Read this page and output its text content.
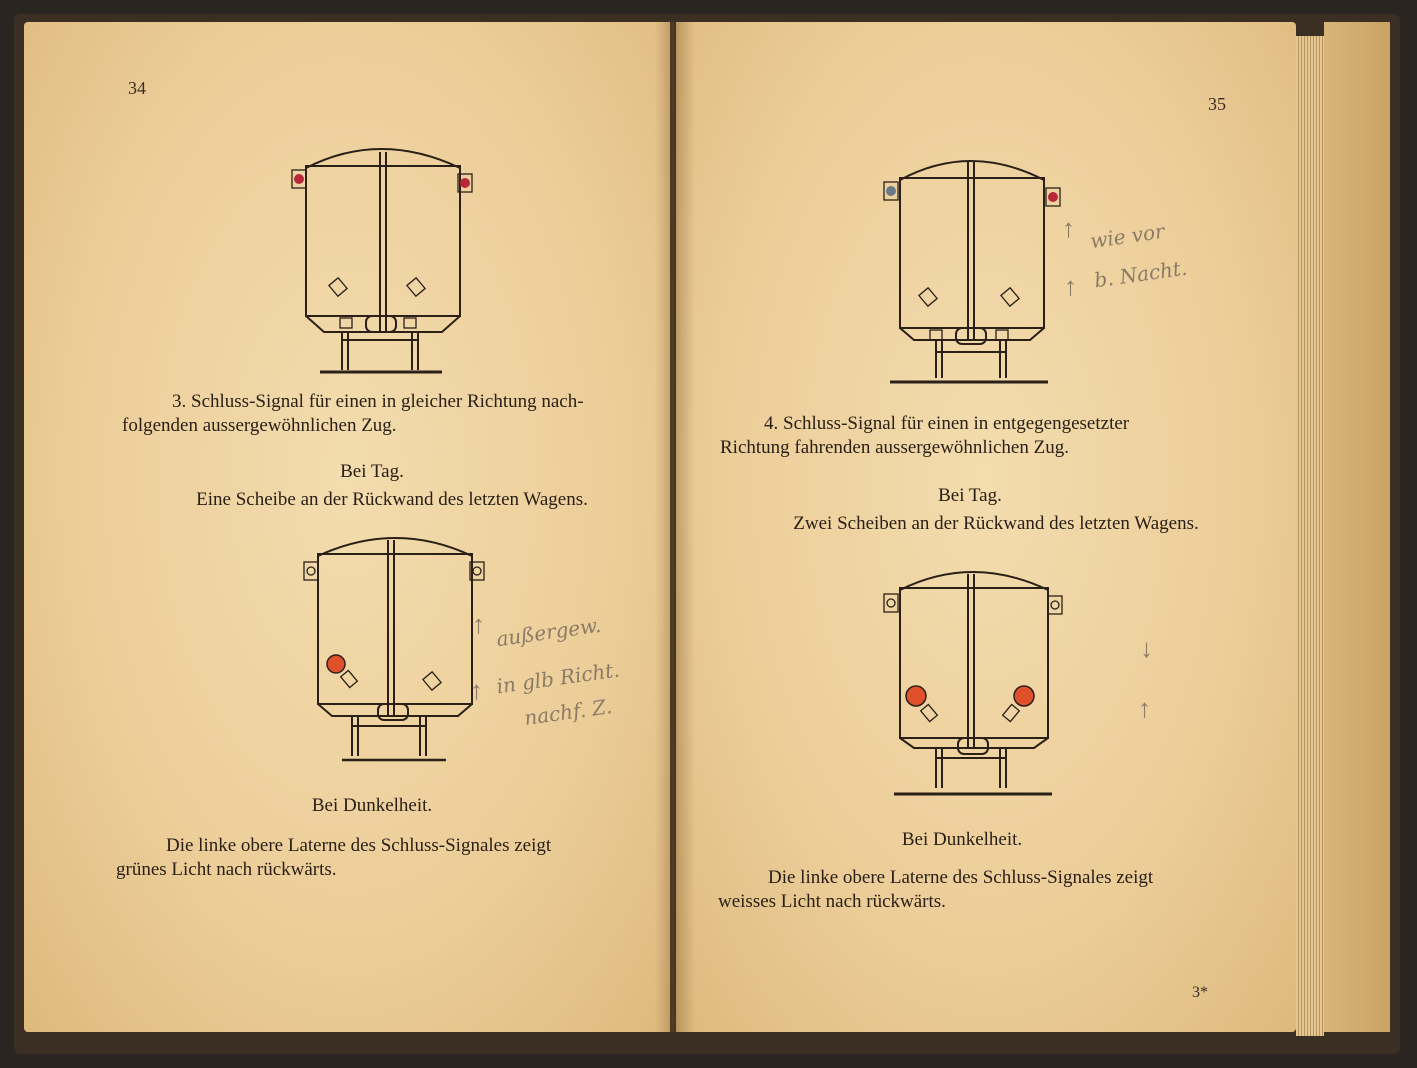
34
3. Schluss-Signal für einen in gleicher Richtung nach-
folgenden aussergewöhnlichen Zug.
Bei Tag.
Eine Scheibe an der Rückwand des letzten Wagens.
↑
↑
außergew.
in glb Richt.
nachf. Z.
Bei Dunkelheit.
Die linke obere Laterne des Schluss-Signales zeigt
grünes Licht nach rückwärts.
35
↑
↑
wie vor
b. Nacht.
4. Schluss-Signal für einen in entgegengesetzter
Richtung fahrenden aussergewöhnlichen Zug.
Bei Tag.
Zwei Scheiben an der Rückwand des letzten Wagens.
↓
↑
Bei Dunkelheit.
Die linke obere Laterne des Schluss-Signales zeigt
weisses Licht nach rückwärts.
3*
